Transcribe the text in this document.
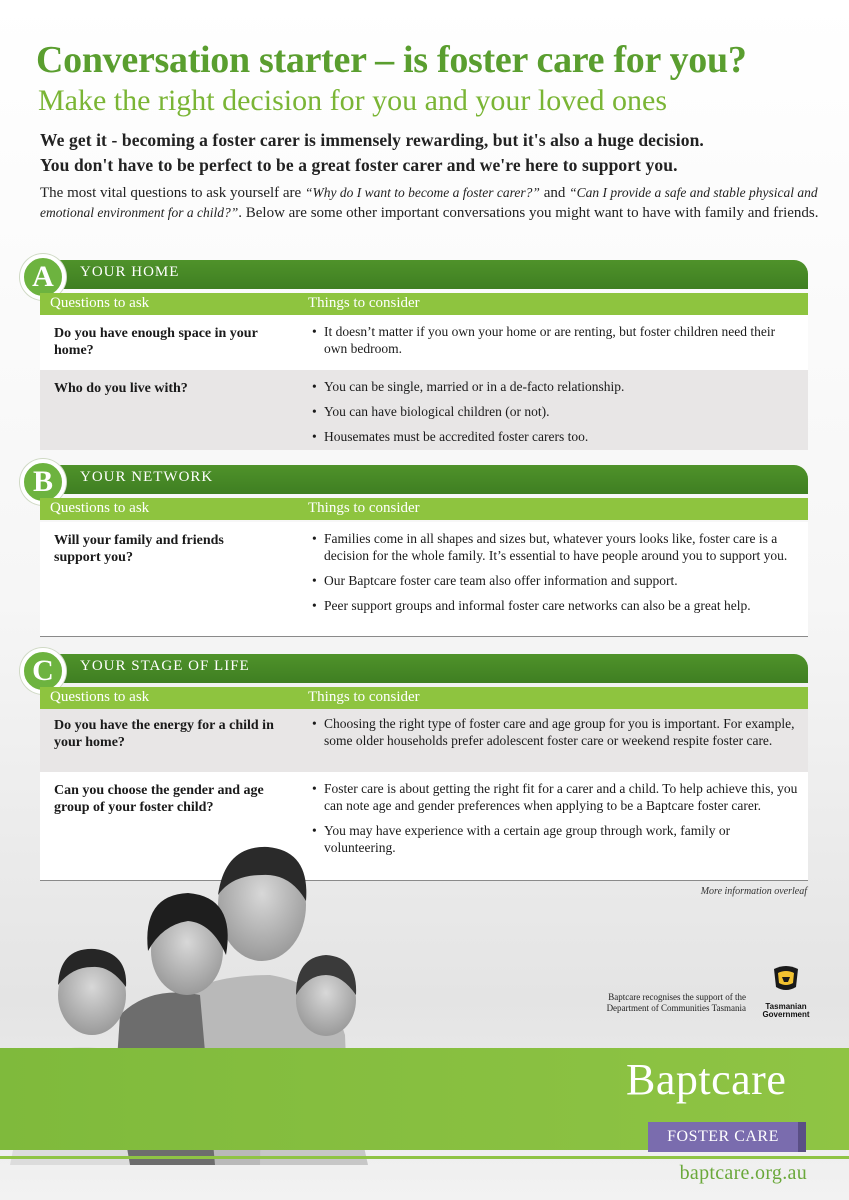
Conversation starter – is foster care for you?
Make the right decision for you and your loved ones
We get it - becoming a foster carer is immensely rewarding, but it's also a huge decision.
You don't have to be perfect to be a great foster carer and we're here to support you.

The most vital questions to ask yourself are “Why do I want to become a foster carer?” and “Can I provide a safe and stable physical and emotional environment for a child?”. Below are some other important conversations you might want to have with family and friends.

YOUR HOME
A
Questions to ask	Things to consider
Do you have enough space in your home?
• It doesn’t matter if you own your home or are renting, but foster children need their own bedroom.
Who do you live with?
•	You can be single, married or in a de-facto relationship.
• You can have biological children (or not).
• Housemates must be accredited foster carers too.
YOUR NETWORK
B
Questions to ask	Things to consider
Will your family and friends support you?
• Families come in all shapes and sizes but, whatever yours looks like, foster care is a decision for the whole family. It’s essential to have people around you to support you.
• Our Baptcare foster care team also offer information and support.
• Peer support groups and informal foster care networks can also be a great help.
YOUR STAGE OF LIFE
C
Questions to ask	Things to consider
Do you have the energy for a child in your home?
• Choosing the right type of foster care and age group for you is important. For example, some older households prefer adolescent foster care or weekend respite foster care.
Can you choose the gender and age group of your foster child?
• Foster care is about getting the right fit for a carer and a child. To help achieve this, you can note age and gender preferences when applying to be a Baptcare foster carer.
• You may have experience with a certain age group through work, family or volunteering.
More information overleaf
Baptcare recognises the support of the
Department of Communities Tasmania	Tasmanian
Government
Baptcare
FOSTER CARE
baptcare.org.au
